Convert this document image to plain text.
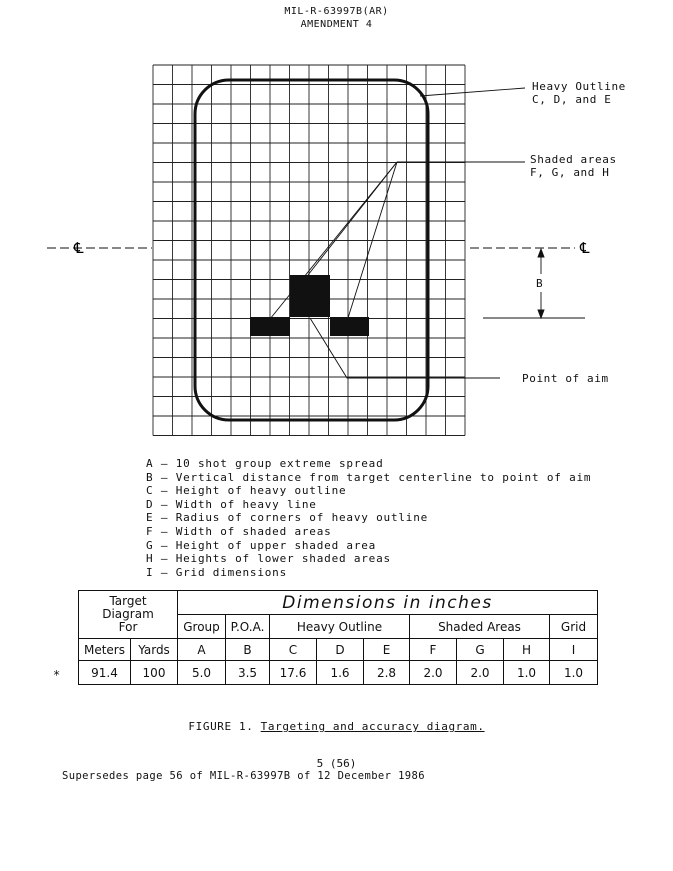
MIL-R-63997B(AR)
AMENDMENT 4
℄	℄
Heavy Outline
C, D, and E
Shaded areas
F, G, and H
Point of aim
B
A — 10 shot group extreme spread
B — Vertical distance from target centerline to point of aim
C — Height of heavy outline
D — Width of heavy line
E — Radius of corners of heavy outline
F — Width of shaded areas
G — Height of upper shaded area
H — Heights of lower shaded areas
I — Grid dimensions
*
Target
Diagram
For		Dimensions in inches								
		Group	P.O.A.	Heavy Outline			Shaded Areas			Grid
Meters	Yards	A	B	C	D	E	F	G	H	I
91.4	100	5.0	3.5	17.6	1.6	2.8	2.0	2.0	1.0	1.0
FIGURE 1. Targeting and accuracy diagram.
5 (56)
Supersedes page 56 of MIL-R-63997B of 12 December 1986
